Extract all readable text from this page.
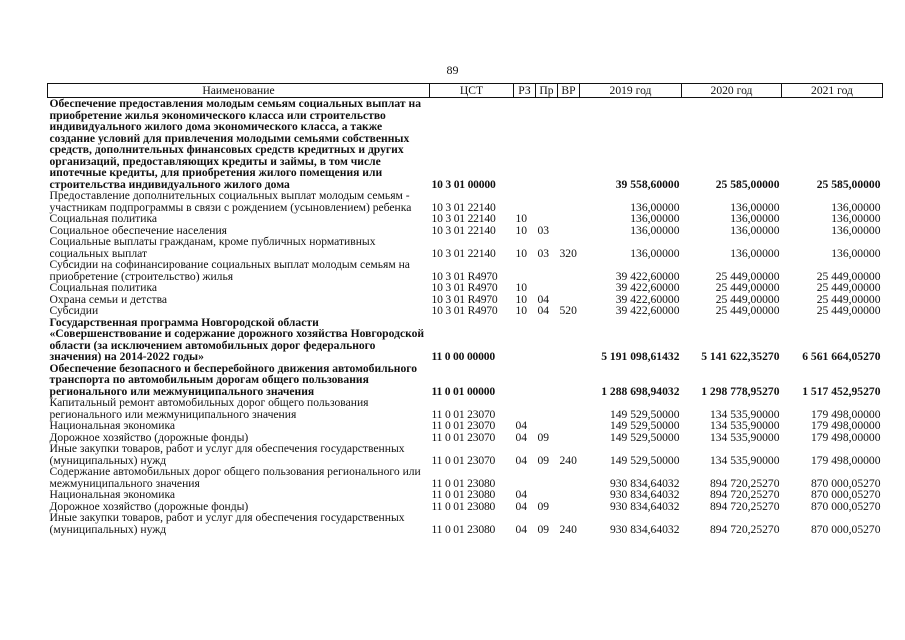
89
Наименование	ЦСТ	РЗ	Пр	ВР	2019 год	2020 год	2021 год
Обеспечение предоставления молодым семьям социальных выплат на приобретение жилья экономического класса или строительство индивидуального жилого дома экономического класса, а также создание условий для привлечения молодыми семьями собственных средств, дополнительных финансовых средств кредитных и других организаций, предоставляющих кредиты и займы, в том числе ипотечные кредиты, для приобретения жилого помещения или строительства индивидуального жилого дома	10 3 01 00000				39 558,60000	25 585,00000	25 585,00000
Предоставление дополнительных социальных выплат молодым семьям - участникам подпрограммы в связи с рождением (усыновлением) ребенка	10 3 01 22140				136,00000	136,00000	136,00000
Социальная политика	10 3 01 22140	10			136,00000	136,00000	136,00000
Социальное обеспечение населения	10 3 01 22140	10	03		136,00000	136,00000	136,00000
Социальные выплаты гражданам, кроме публичных нормативных социальных выплат	10 3 01 22140	10	03	320	136,00000	136,00000	136,00000
Субсидии на софинансирование социальных выплат молодым семьям на приобретение (строительство) жилья	10 3 01 R4970				39 422,60000	25 449,00000	25 449,00000
Социальная политика	10 3 01 R4970	10			39 422,60000	25 449,00000	25 449,00000
Охрана семьи и детства	10 3 01 R4970	10	04		39 422,60000	25 449,00000	25 449,00000
Субсидии	10 3 01 R4970	10	04	520	39 422,60000	25 449,00000	25 449,00000
Государственная программа Новгородской области «Совершенствование и содержание дорожного хозяйства Новгородской области (за исключением автомобильных дорог федерального значения) на 2014-2022 годы»	11 0 00 00000				5 191 098,61432	5 141 622,35270	6 561 664,05270
Обеспечение безопасного и бесперебойного движения автомобильного транспорта по автомобильным дорогам общего пользования регионального или межмуниципального значения	11 0 01 00000				1 288 698,94032	1 298 778,95270	1 517 452,95270
Капитальный ремонт автомобильных дорог общего пользования регионального или межмуниципального значения	11 0 01 23070				149 529,50000	134 535,90000	179 498,00000
Национальная экономика	11 0 01 23070	04			149 529,50000	134 535,90000	179 498,00000
Дорожное хозяйство (дорожные фонды)	11 0 01 23070	04	09		149 529,50000	134 535,90000	179 498,00000
Иные закупки товаров, работ и услуг для обеспечения государственных (муниципальных) нужд	11 0 01 23070	04	09	240	149 529,50000	134 535,90000	179 498,00000
Содержание автомобильных дорог общего пользования регионального или межмуниципального значения	11 0 01 23080				930 834,64032	894 720,25270	870 000,05270
Национальная экономика	11 0 01 23080	04			930 834,64032	894 720,25270	870 000,05270
Дорожное хозяйство (дорожные фонды)	11 0 01 23080	04	09		930 834,64032	894 720,25270	870 000,05270
Иные закупки товаров, работ и услуг для обеспечения государственных (муниципальных) нужд	11 0 01 23080	04	09	240	930 834,64032	894 720,25270	870 000,05270
